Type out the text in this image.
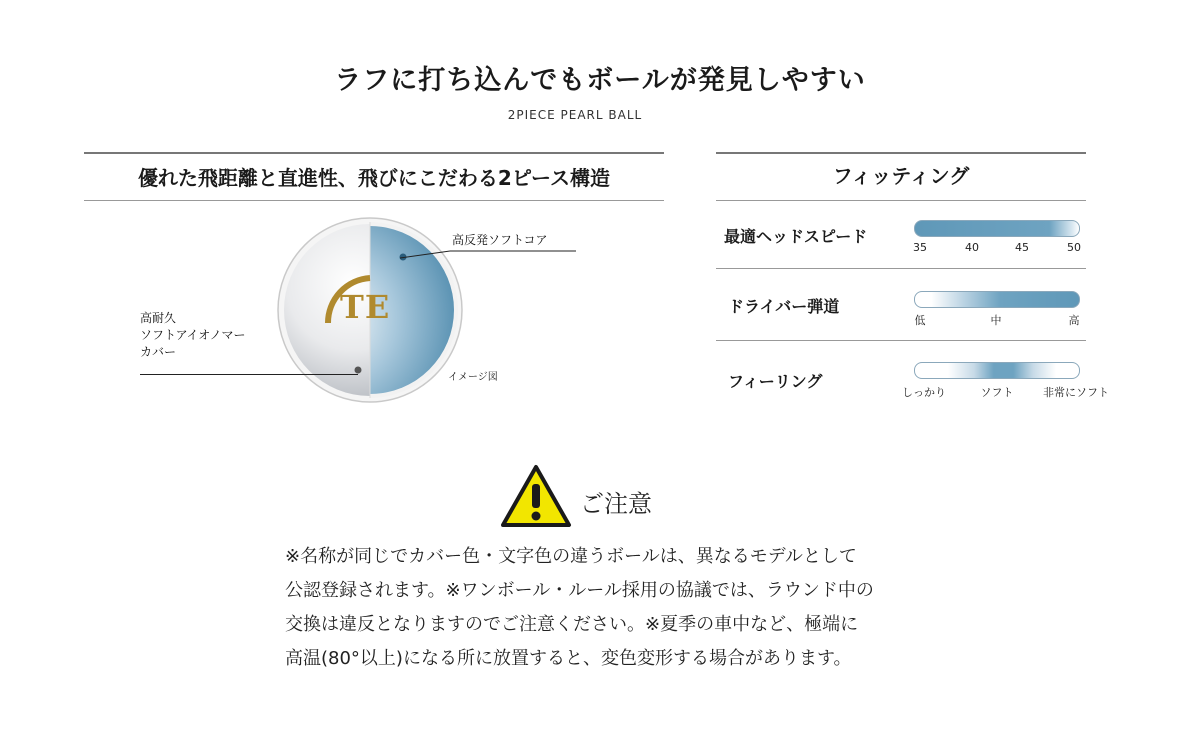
ラフに打ち込んでもボールが発見しやすい
2PIECE PEARL BALL
優れた飛距離と直進性、飛びにこだわる2ピース構造
TE
高反発ソフトコア
高耐久
ソフトアイオノマー
カバー
イメージ図
フィッティング
最適ヘッドスピード
35	40	45	50
ドライバー弾道
低	中	高
フィーリング
しっかり	ソフト	非常にソフト
ご注意
※名称が同じでカバー色・文字色の違うボールは、異なるモデルとして
公認登録されます。※ワンボール・ルール採用の協議では、ラウンド中の
交換は違反となりますのでご注意ください。※夏季の車中など、極端に
高温(80°以上)になる所に放置すると、変色変形する場合があります。
